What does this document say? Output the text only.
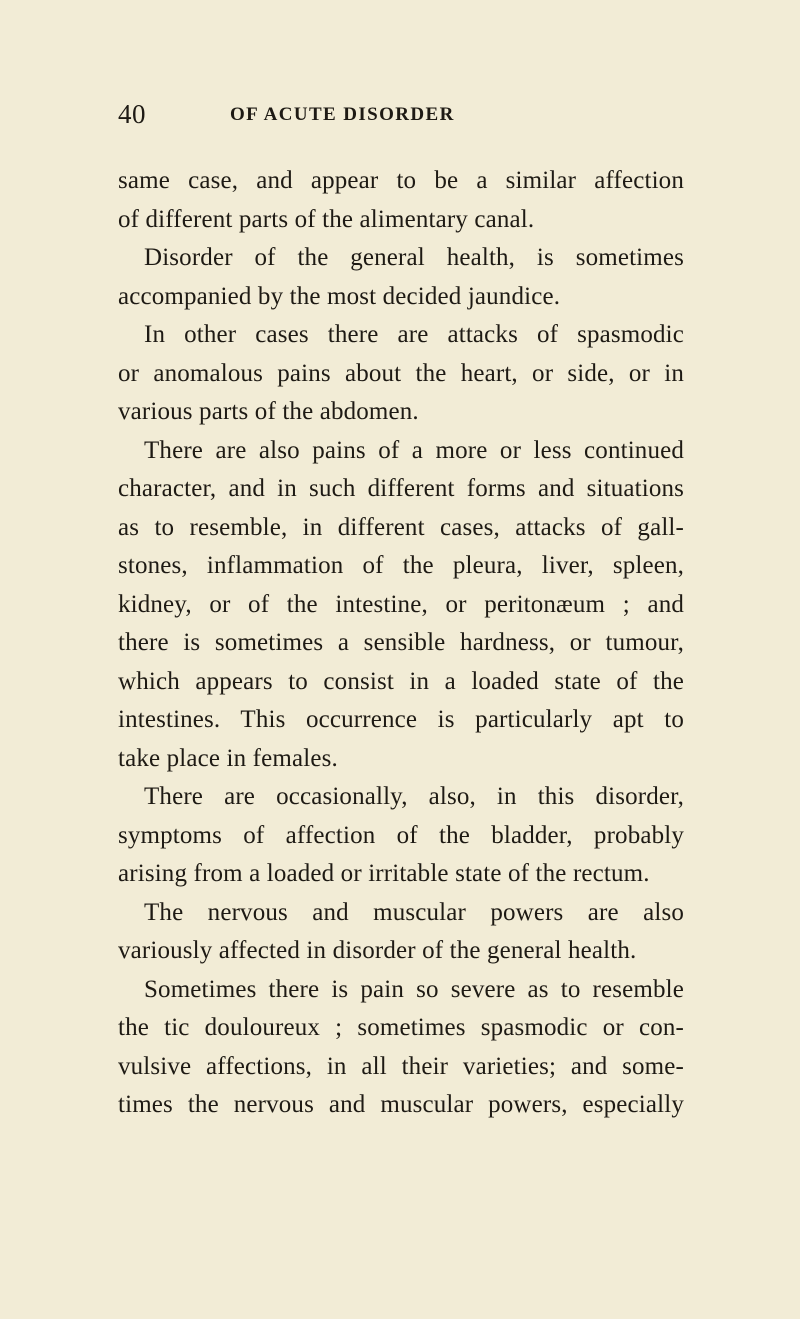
40	OF ACUTE DISORDER
same case, and appear to be a similar affection
of different parts of the alimentary canal.
Disorder of the general health, is sometimes
accompanied by the most decided jaundice.
In other cases there are attacks of spasmodic
or anomalous pains about the heart, or side, or in
various parts of the abdomen.
There are also pains of a more or less continued
character, and in such different forms and situations
as to resemble, in different cases, attacks of gall-
stones, inflammation of the pleura, liver, spleen,
kidney, or of the intestine, or peritonæum ; and
there is sometimes a sensible hardness, or tumour,
which appears to consist in a loaded state of the
intestines. This occurrence is particularly apt to
take place in females.
There are occasionally, also, in this disorder,
symptoms of affection of the bladder, probably
arising from a loaded or irritable state of the rectum.
The nervous and muscular powers are also
variously affected in disorder of the general health.
Sometimes there is pain so severe as to resemble
the tic douloureux ; sometimes spasmodic or con-
vulsive affections, in all their varieties; and some-
times the nervous and muscular powers, especially
